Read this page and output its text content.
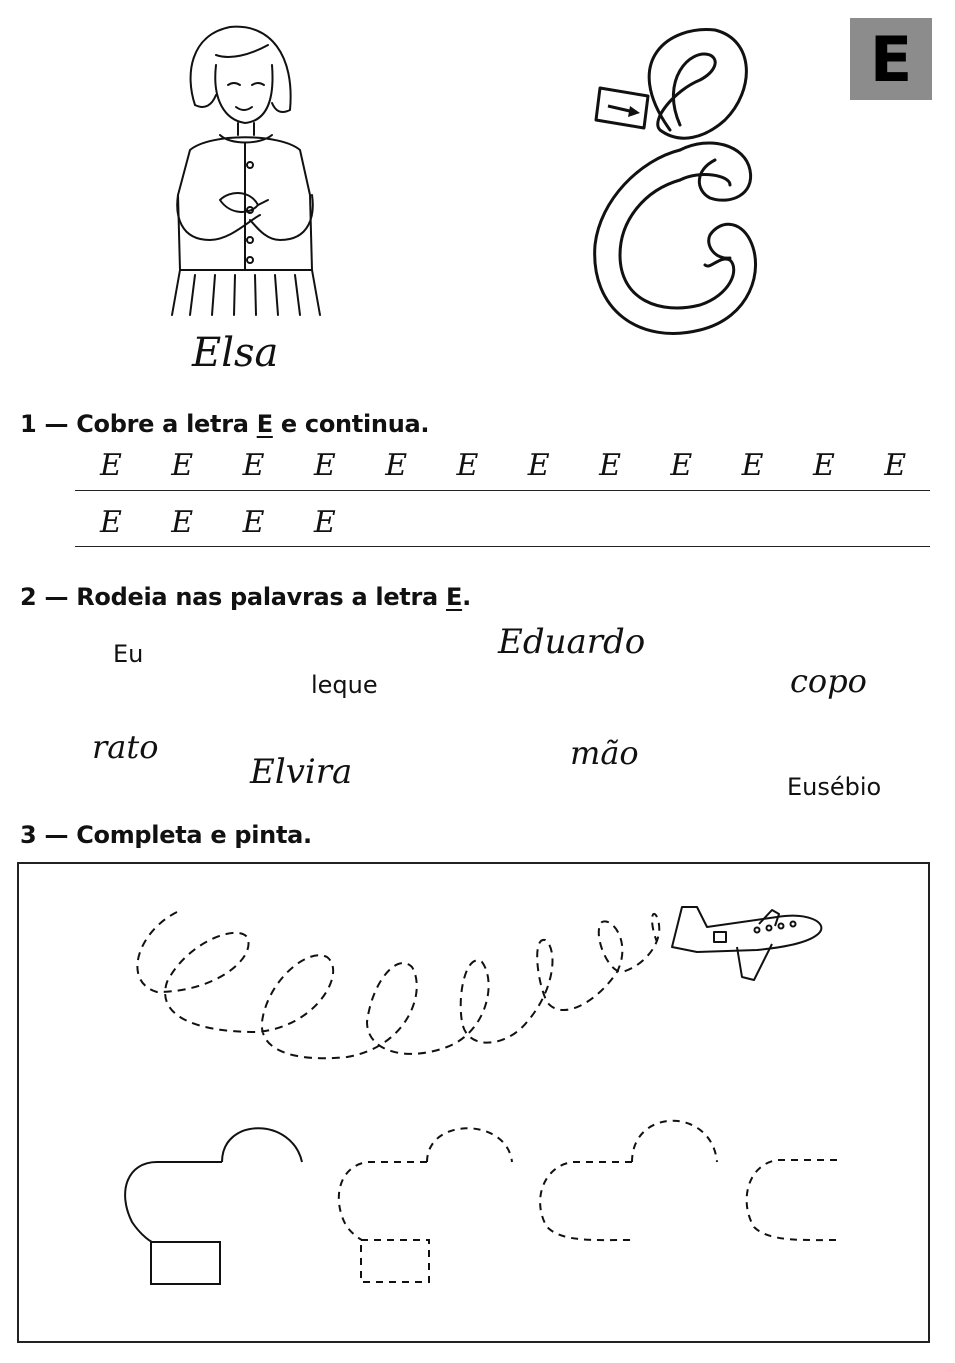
E
Elsa
1 — Cobre a letra E e continua.
E	E	E	E	E	E	E	E	E	E	E	E
E	E	E	E
2 — Rodeia nas palavras a letra E.
Eu
leque
Eduardo
copo
rato
Elvira	mão
Eusébio
3 — Completa e pinta.
